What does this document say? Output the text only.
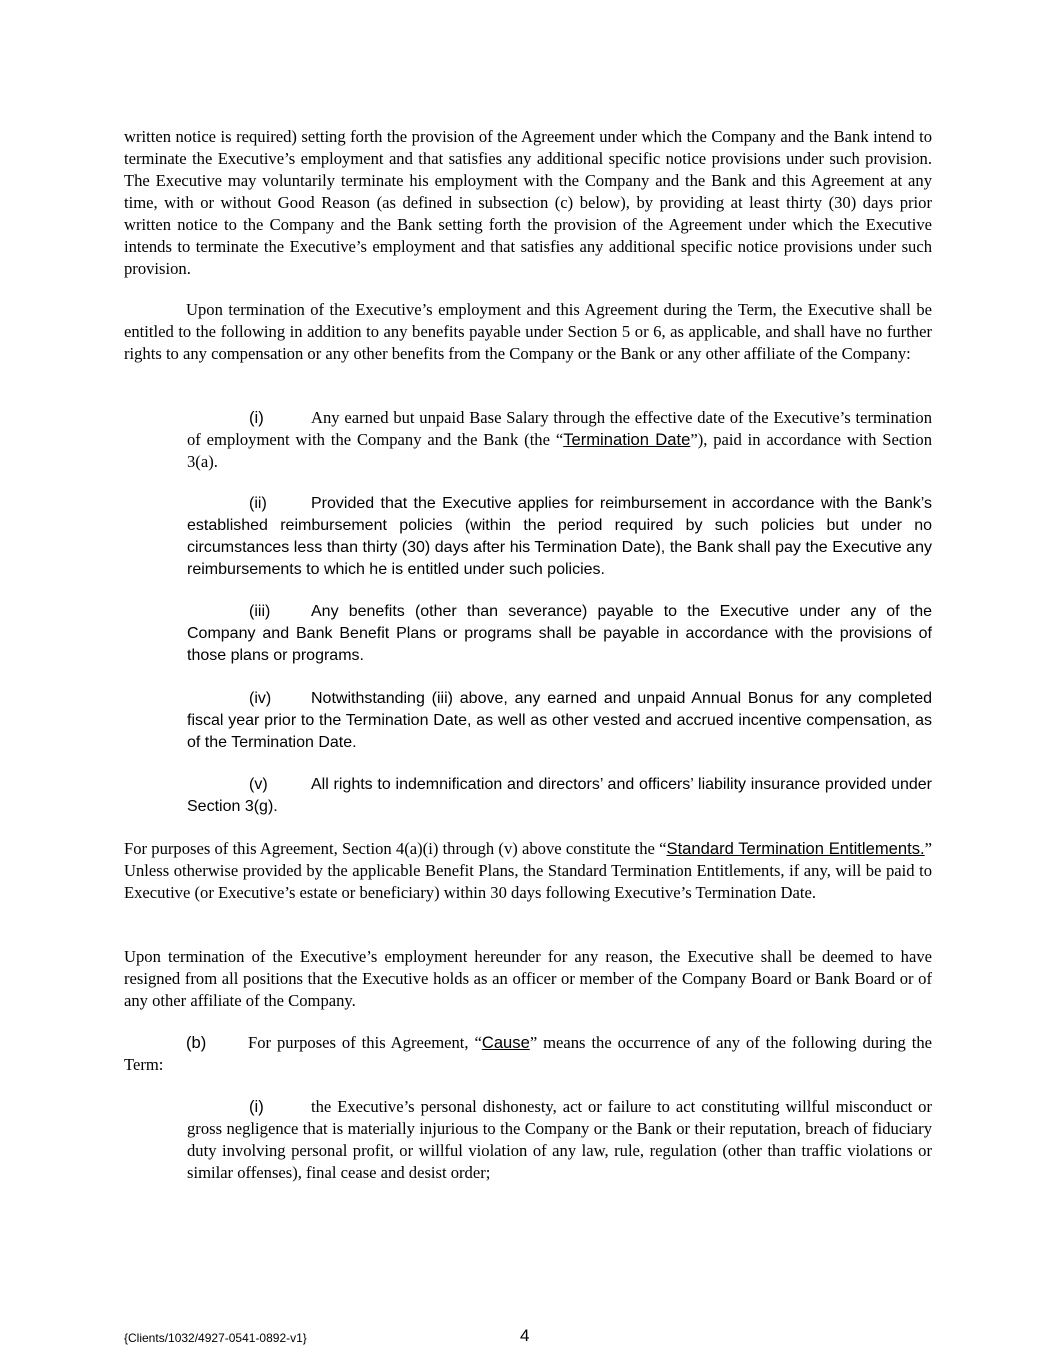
written notice is required) setting forth the provision of the Agreement under which the Company and the Bank intend to terminate the Executive’s employment and that satisfies any additional specific notice provisions under such provision. The Executive may voluntarily terminate his employment with the Company and the Bank and this Agreement at any time, with or without Good Reason (as defined in subsection (c) below), by providing at least thirty (30) days prior written notice to the Company and the Bank setting forth the provision of the Agreement under which the Executive intends to terminate the Executive’s employment and that satisfies any additional specific notice provisions under such provision.

Upon termination of the Executive’s employment and this Agreement during the Term, the Executive shall be entitled to the following in addition to any benefits payable under Section 5 or 6, as applicable, and shall have no further rights to any compensation or any other benefits from the Company or the Bank or any other affiliate of the Company:

(i)	Any earned but unpaid Base Salary through the effective date of the Executive’s termination of employment with the Company and the Bank (the “Termination Date”), paid in accordance with Section 3(a).

(ii)	Provided that the Executive applies for reimbursement in accordance with the Bank’s established reimbursement policies (within the period required by such policies but under no circumstances less than thirty (30) days after his Termination Date), the Bank shall pay the Executive any reimbursements to which he is entitled under such policies.

(iii)	Any benefits (other than severance) payable to the Executive under any of the Company and Bank Benefit Plans or programs shall be payable in accordance with the provisions of those plans or programs.

(iv) Notwithstanding (iii) above, any earned and unpaid Annual Bonus for any completed fiscal year prior to the Termination Date, as well as other vested and accrued incentive compensation, as of the Termination Date.

(v)	All rights to indemnification and directors’ and officers’ liability insurance provided under Section 3(g).

For purposes of this Agreement, Section 4(a)(i) through (v) above constitute the “Standard Termination Entitlements.” Unless otherwise provided by the applicable Benefit Plans, the Standard Termination Entitlements, if any, will be paid to Executive (or Executive’s estate or beneficiary) within 30 days following Executive’s Termination Date.

Upon termination of the Executive’s employment hereunder for any reason, the Executive shall be deemed to have resigned from all positions that the Executive holds as an officer or member of the Company Board or Bank Board or of any other affiliate of the Company.

(b)	For purposes of this Agreement, “Cause” means the occurrence of any of the following during the Term:

(i)	the Executive’s personal dishonesty, act or failure to act constituting willful misconduct or gross negligence that is materially injurious to the Company or the Bank or their reputation, breach of fiduciary duty involving personal profit, or willful violation of any law, rule, regulation (other than traffic violations or similar offenses), final cease and desist order;

{Clients/1032/4927-0541-0892-v1}	4
